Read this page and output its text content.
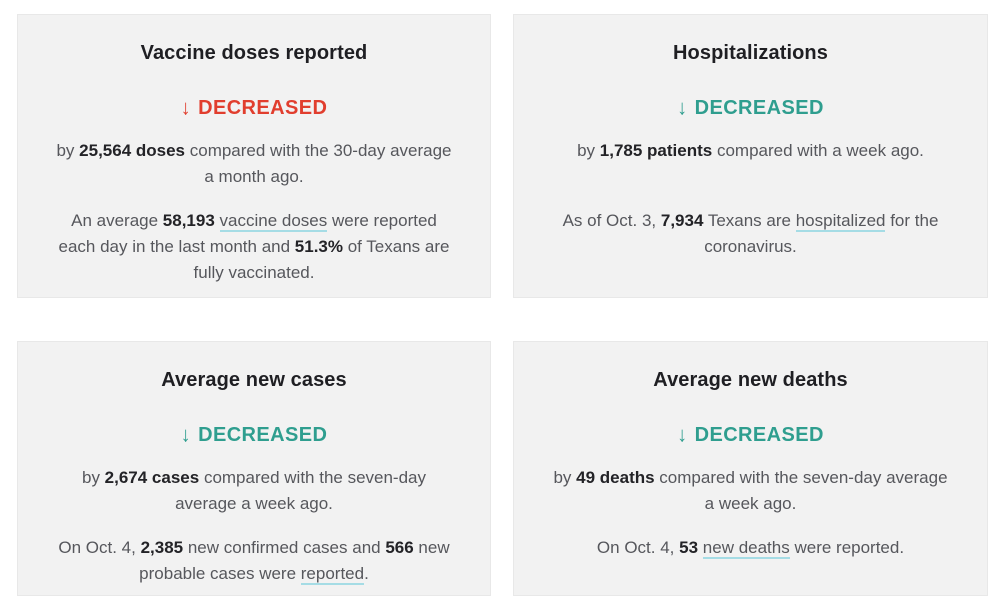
Vaccine doses reported
↓ DECREASED

by 25,564 doses compared with the 30-day average a month ago.

An average 58,193 vaccine doses were reported each day in the last month and 51.3% of Texans are fully vaccinated.

Hospitalizations
↓ DECREASED

by 1,785 patients compared with a week ago.

As of Oct. 3, 7,934 Texans are hospitalized for the coronavirus.

Average new cases
↓ DECREASED

by 2,674 cases compared with the seven-day average a week ago.

On Oct. 4, 2,385 new confirmed cases and 566 new probable cases were reported.

Average new deaths
↓ DECREASED

by 49 deaths compared with the seven-day average a week ago.

On Oct. 4, 53 new deaths were reported.
